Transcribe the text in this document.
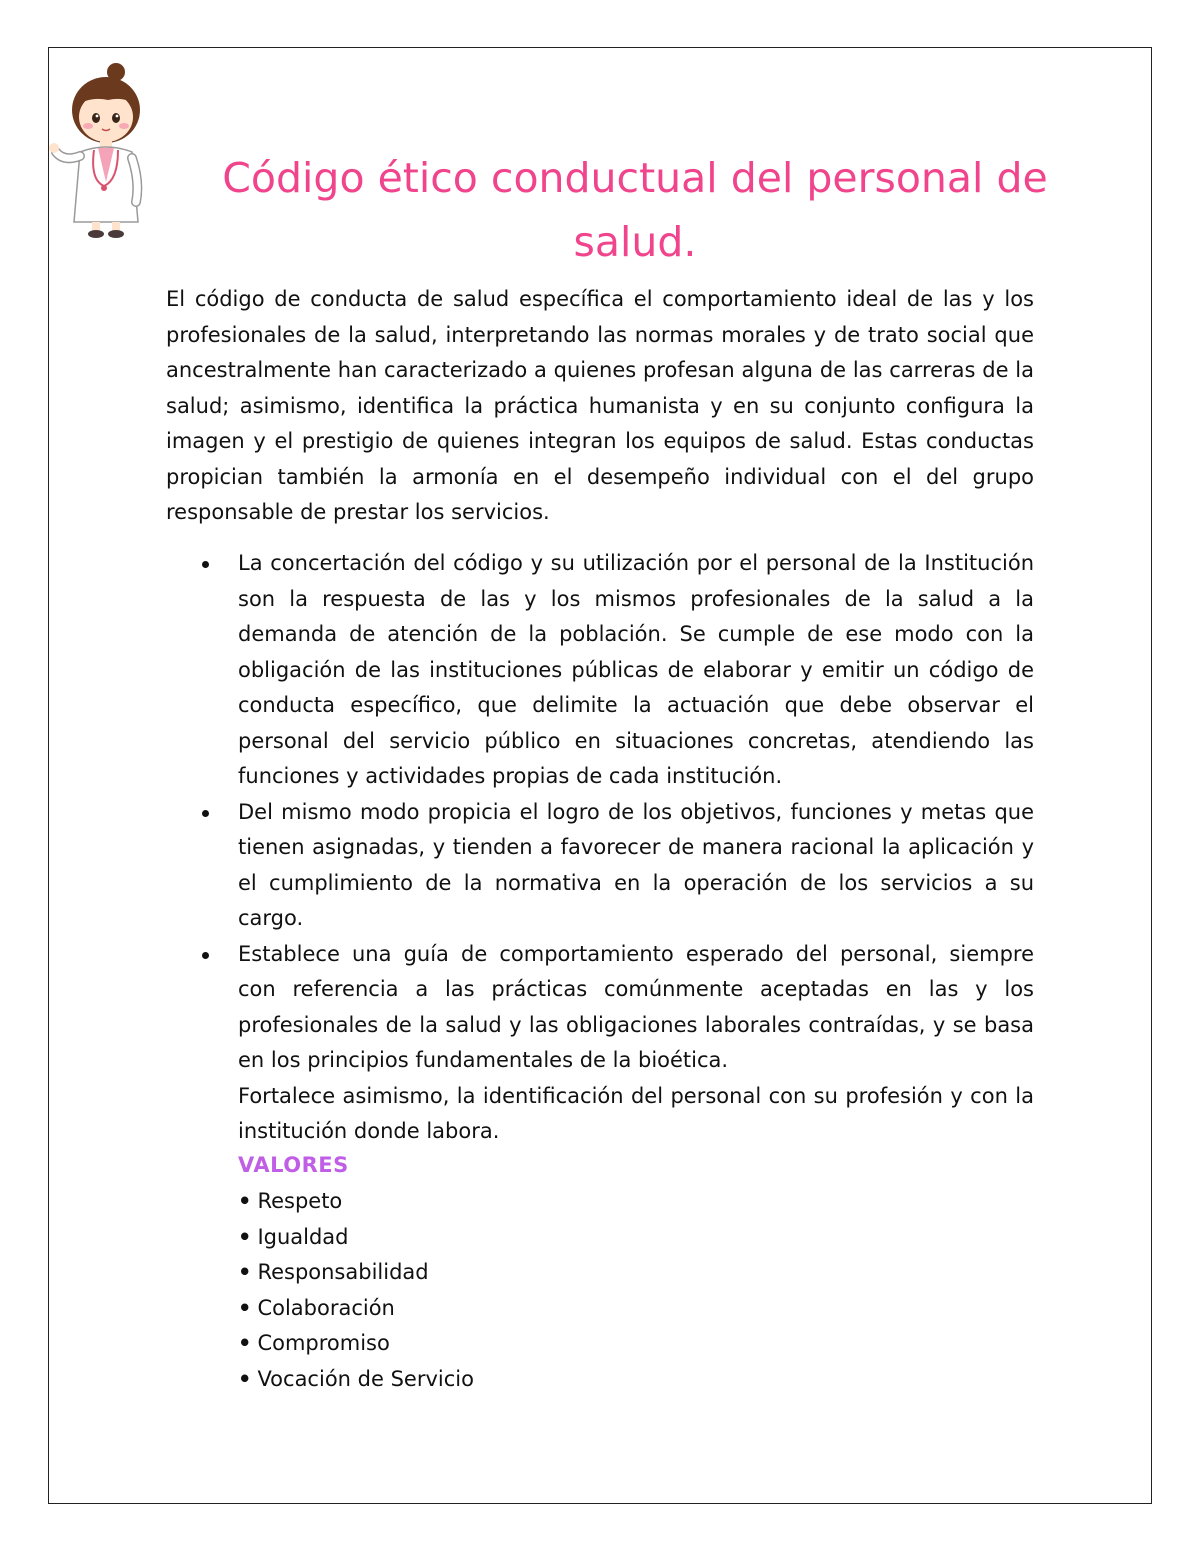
Código ético conductual del personal de salud.

El código de conducta de salud específica el comportamiento ideal de las y los profesionales de la salud, interpretando las normas morales y de trato social que ancestralmente han caracterizado a quienes profesan alguna de las carreras de la salud; asimismo, identifica la práctica humanista y en su conjunto configura la imagen y el prestigio de quienes integran los equipos de salud. Estas conductas propician también la armonía en el desempeño individual con el del grupo responsable de prestar los servicios.

La concertación del código y su utilización por el personal de la Institución son la respuesta de las y los mismos profesionales de la salud a la demanda de atención de la población. Se cumple de ese modo con la obligación de las instituciones públicas de elaborar y emitir un código de conducta específico, que delimite la actuación que debe observar el personal del servicio público en situaciones concretas, atendiendo las funciones y actividades propias de cada institución.

Del mismo modo propicia el logro de los objetivos, funciones y metas que tienen asignadas, y tienden a favorecer de manera racional la aplicación y el cumplimiento de la normativa en la operación de los servicios a su cargo.

Establece una guía de comportamiento esperado del personal, siempre con referencia a las prácticas comúnmente aceptadas en las y los profesionales de la salud y las obligaciones laborales contraídas, y se basa en los principios fundamentales de la bioética.

Fortalece asimismo, la identificación del personal con su profesión y con la institución donde labora.

VALORES
• Respeto
• Igualdad
• Responsabilidad
• Colaboración
• Compromiso
• Vocación de Servicio
